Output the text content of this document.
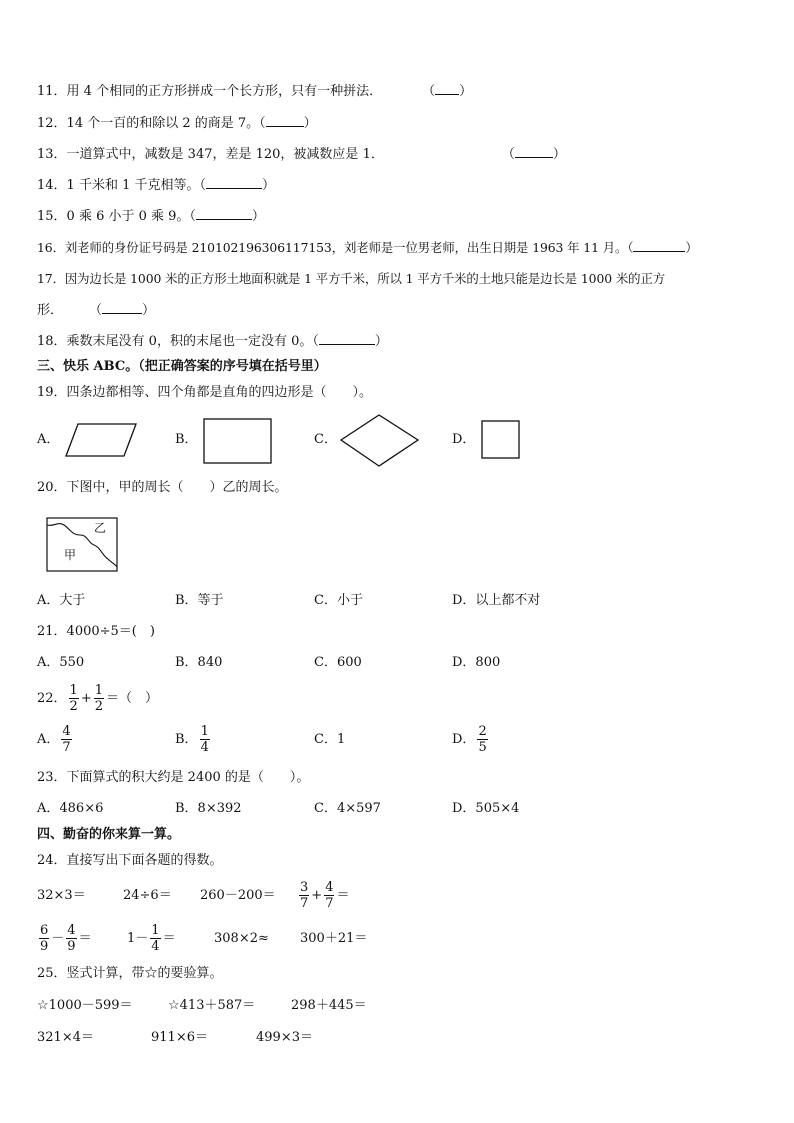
11．用 4 个相同的正方形拼成一个长方形，只有一种拼法．	（ ）
12．14 个一百的和除以 2 的商是 7。（	）
13．一道算式中，减数是 347，差是 120，被减数应是 1．	（	）
14．1 千米和 1 千克相等。（	）
15．0 乘 6 小于 0 乘 9。（	）
16．刘老师的身份证号码是 210102196306117153，刘老师是一位男老师，出生日期是 1963 年 11 月。（	）
17．因为边长是 1000 米的正方形土地面积就是 1 平方千米，所以 1 平方千米的土地只能是边长是 1000 米的正方
形． （	）
18．乘数末尾没有 0，积的末尾也一定没有 0。（	）
三、快乐 ABC。（把正确答案的序号填在括号里）
19．四条边都相等、四个角都是直角的四边形是（　　）。
A．	B．	C．	D．
20．下图中，甲的周长（　　）乙的周长。
乙
甲
A．大于	B．等于	C．小于	D．以上都不对
21．4000÷5＝(　)
A．550	B．840	C．600	D．800
22． $\frac{1}{2} + \frac{1}{2}$ ＝（　）
A． $\frac{4}{7}$	B． $\frac{1}{4}$	C．1	D． $\frac{2}{5}$
23．下面算式的积大约是 2400 的是（　　）。
A．486×6	B．8×392	C．4×597	D．505×4
四、勤奋的你来算一算。
24．直接写出下面各题的得数。
32×3＝	$24\div 6= 260-200= \frac{3}{7} + \frac{4}{7}$ ＝
$\frac{6}{9} - \frac{4}{9}$ ＝	$1- \frac{1}{4}$ ＝	308×2≈ 300＋21＝
25．竖式计算，带☆的要验算。
☆1000－599＝	☆413＋587＝	298＋445＝
321×4＝	911×6＝	499×3＝
